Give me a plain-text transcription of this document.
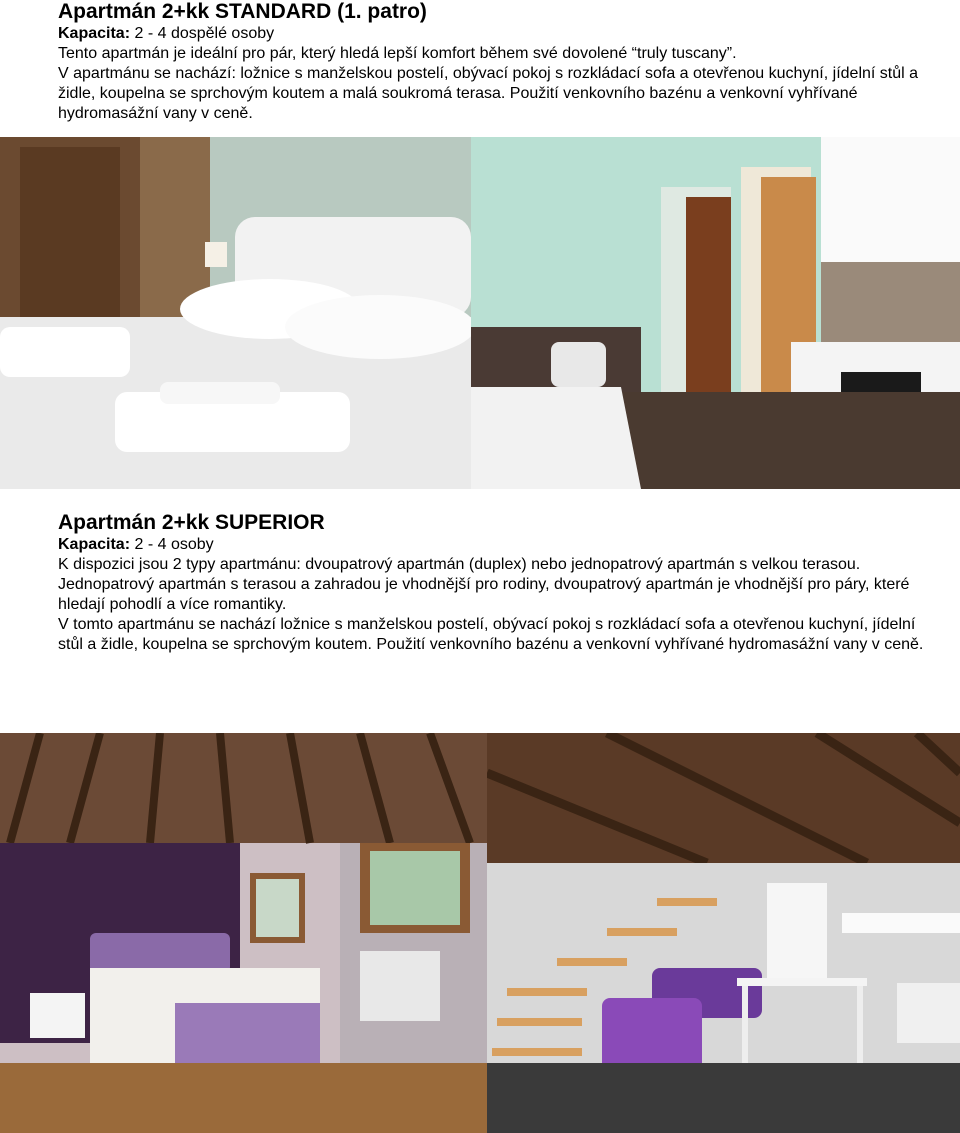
Apartmán 2+kk STANDARD (1. patro)

Kapacita: 2 - 4 dospělé osoby

Tento apartmán je ideální pro pár, který hledá lepší komfort během své dovolené “truly tuscany”.

V apartmánu se nachází: ložnice s manželskou postelí, obývací pokoj s rozkládací sofa a otevřenou kuchyní, jídelní stůl a židle, koupelna se sprchovým koutem a malá soukromá terasa. Použití venkovního bazénu a venkovní vyhřívané hydromasážní vany v ceně.

Apartmán 2+kk SUPERIOR

Kapacita: 2 - 4 osoby

K dispozici jsou 2 typy apartmánu: dvoupatrový apartmán (duplex) nebo jednopatrový apartmán s velkou terasou. Jednopatrový apartmán s terasou a zahradou je vhodnější pro rodiny, dvoupatrový apartmán je vhodnější pro páry, které hledají pohodlí a více romantiky.

V tomto apartmánu se nachází ložnice s manželskou postelí, obývací pokoj s rozkládací sofa a otevřenou kuchyní, jídelní stůl a židle, koupelna se sprchovým koutem. Použití venkovního bazénu a venkovní vyhřívané hydromasážní vany v ceně.
